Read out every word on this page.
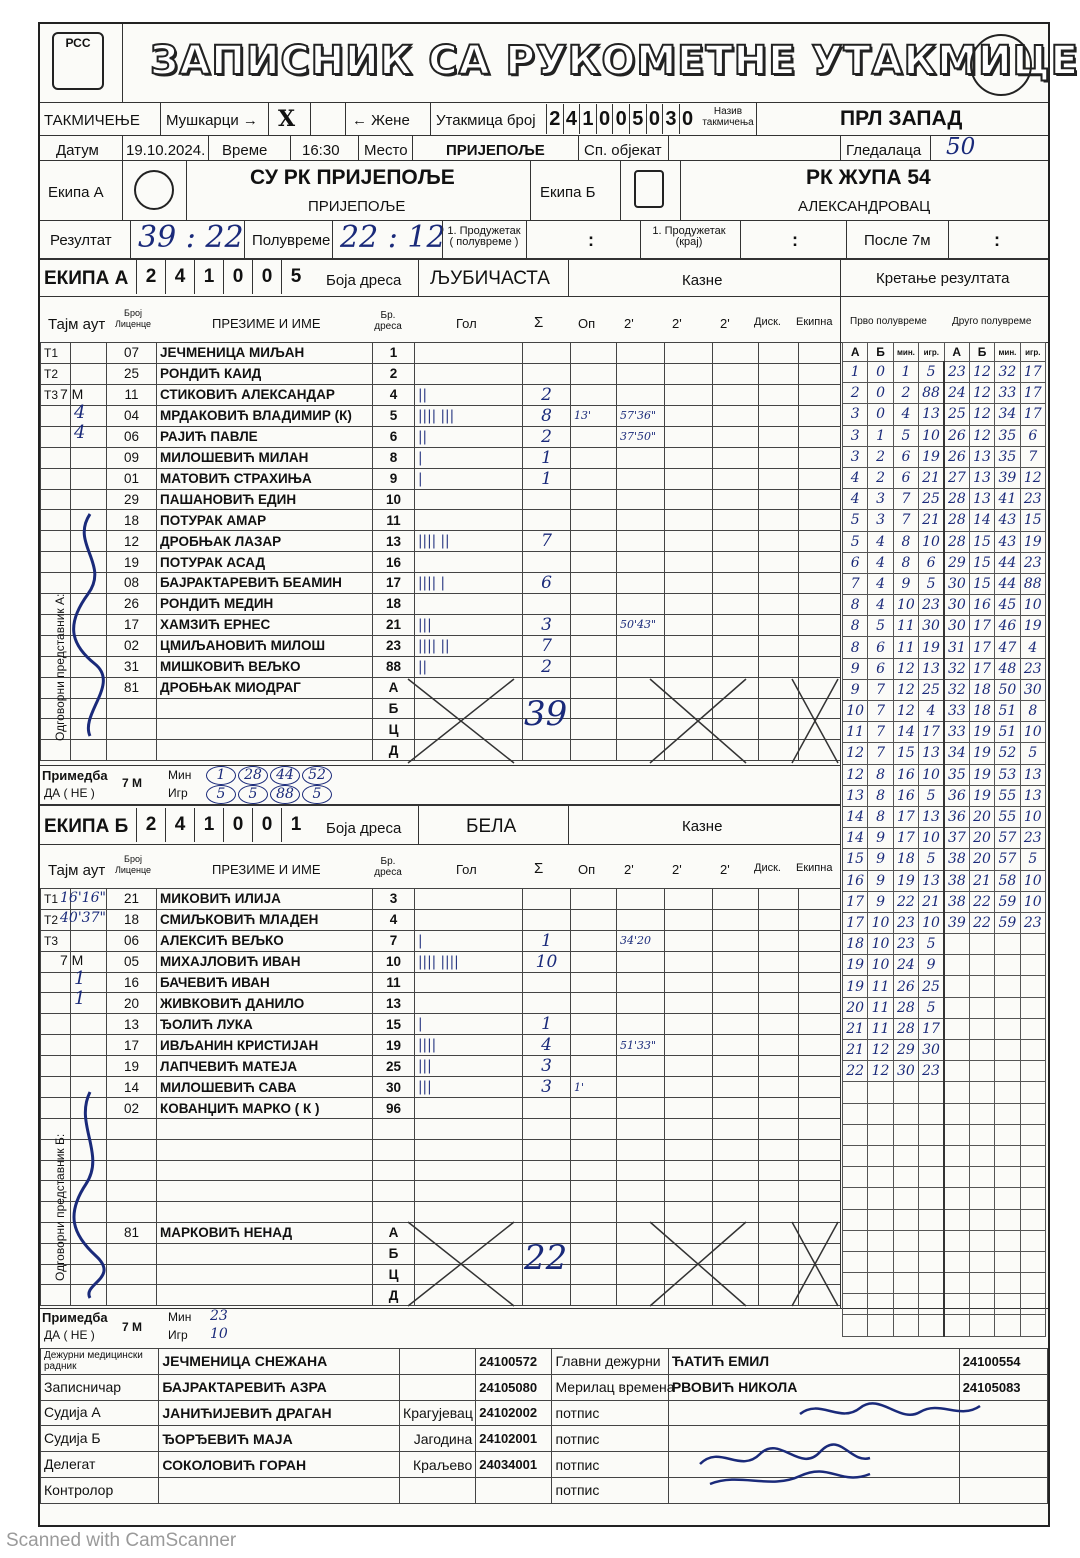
РСС ЗАПИСНИК СА РУКОМЕТНЕ УТАКМИЦЕ
ТАКМИЧЕЊЕ Мушкарци → X	← Жене Утакмица број 2 4 1 0 0 5 0 3 0	Назив такмичења	ПРЛ ЗАПАД
Датум 19.10.2024. Време 16:30 Место	ПРИЈЕПОЉЕ	Сп. објекат	Гледалаца 50
Екипа А
СУ РК ПРИЈЕПОЉЕ
ПРИЈЕПОЉЕ
Екипа Б
РК ЖУПА 54
АЛЕКСАНДРОВАЦ
Резултат 39 : 22 Полувреме 22 : 12 1. Продужетак ( полувреме )	:	1. Продужетак (крај)	:	После 7м	:
ЕКИПА А 2 4 1 0 0 5	Боја дреса ЉУБИЧАСТА	Казне	Кретање резултата
Тајм аут
Број Лиценце	ПРЕЗИМЕ И ИМЕ
Бр. дреса	Гол	Σ	Оп 2'	2'	2' Диск. Екипна Прво полувреме	Друго полувреме
T1		07	ЈЕЧМЕНИЦА МИЉАН	1								
T2		25	РОНДИЋ КАИД	2								
T3		11	СТИКОВИЋ АЛЕКСАНДАР	4	||	2						
		04	МРДАКОВИЋ ВЛАДИМИР (К)	5	|||| |||	8	13'	57'36"				
		06	РАЈИЋ ПАВЛЕ	6	||	2		37'50"				
		09	МИЛОШЕВИЋ МИЛАН	8	|	1						
		01	МАТОВИЋ СТРАХИЊА	9	|	1						
		29	ПАШАНОВИЋ ЕДИН	10								
		18	ПОТУРАК АМАР	11								
		12	ДРОБЊАК ЛАЗАР	13	|||| ||	7						
		19	ПОТУРАК АСАД	16								
		08	БАЈРАКТАРЕВИЋ БЕАМИН	17	|||| |	6						
		26	РОНДИЋ МЕДИН	18								
		17	ХАМЗИЋ ЕРНЕС	21	|||	3		50'43"				
		02	ЦМИЉАНОВИЋ МИЛОШ	23	|||| ||	7						
		31	МИШКОВИЋ ВЕЉКО	88	||	2						
		81	ДРОБЊАК МИОДРАГ	А								
				Б								
				Ц								
				Д								
39
Одговорни представник А:
7 М
4
4
Примедба
ДА ( НЕ )
7 М
Мин
Игр
1
5
28
5
44
88
52
5
ЕКИПА Б 2 4 1 0 0 1	Боја дреса	БЕЛА	Казне
Тајм аут
Број Лиценце	ПРЕЗИМЕ И ИМЕ
Бр. дреса	Гол	Σ	Оп 2'	2'	2' Диск. Екипна
T1		21	МИКОВИЋ ИЛИЈА	3								
T2		18	СМИЉКОВИЋ МЛАДЕН	4								
T3		06	АЛЕКСИЋ ВЕЉКО	7	|	1		34'20				
		05	МИХАЈЛОВИЋ ИВАН	10	|||| ||||	10						
		16	БАЧЕВИЋ ИВАН	11								
		20	ЖИВКОВИЋ ДАНИЛО	13								
		13	ЂОЛИЋ ЛУКА	15	|	1						
		17	ИВЉАНИН КРИСТИЈАН	19	||||	4		51'33"				
		19	ЛАПЧЕВИЋ МАТЕЈА	25	|||	3						
		14	МИЛОШЕВИЋ САВА	30	|||	3	1'					
		02	КОВАНЏИЋ МАРКО ( К )	96								

		81	МАРКОВИЋ НЕНАД	А								
				Б								
				Ц								
				Д								
22
Одговорни представник Б:
16'16"
40'37"
7 М
1
1
Примедба
ДА ( НЕ )
7 М
Мин
Игр
23
10
А	Б	мин.	игр.	А	Б	мин.	игр.
1	0	1	5	23	12	32	17
2	0	2	88	24	12	33	17
3	0	4	13	25	12	34	17
3	1	5	10	26	12	35	6
3	2	6	19	26	13	35	7
4	2	6	21	27	13	39	12
4	3	7	25	28	13	41	23
5	3	7	21	28	14	43	15
5	4	8	10	28	15	43	19
6	4	8	6	29	15	44	23
7	4	9	5	30	15	44	88
8	4	10	23	30	16	45	10
8	5	11	30	30	17	46	19
8	6	11	19	31	17	47	4
9	6	12	13	32	17	48	23
9	7	12	25	32	18	50	30
10	7	12	4	33	18	51	8
11	7	14	17	33	19	51	10
12	7	15	13	34	19	52	5
12	8	16	10	35	19	53	13
13	8	16	5	36	19	55	13
14	8	17	13	36	20	55	10
14	9	17	10	37	20	57	23
15	9	18	5	38	20	57	5
16	9	19	13	38	21	58	10
17	9	22	21	38	22	59	10
17	10	23	10	39	22	59	23
18	10	23	5				
19	10	24	9				
19	11	26	25				
20	11	28	5				
21	11	28	17				
21	12	29	30				
22	12	30	23				

Дежурни медицински радник	ЈЕЧМЕНИЦА СНЕЖАНА		24100572	Главни дежурни	ЋАТИЋ ЕМИЛ	24100554
Записничар	БАЈРАКТАРЕВИЋ АЗРА		24105080	Мерилац времена	РВОВИЋ НИКОЛА	24105083
Судија А	ЈАНИЋИЈЕВИЋ ДРАГАН	Крагујевац	24102002	потпис		
Судија Б	ЂОРЂЕВИЋ МАЈА	Јагодина	24102001	потпис		
Делегат	СОКОЛОВИЋ ГОРАН	Краљево	24034001	потпис		
Контролор				потпис		
Scanned with CamScanner
